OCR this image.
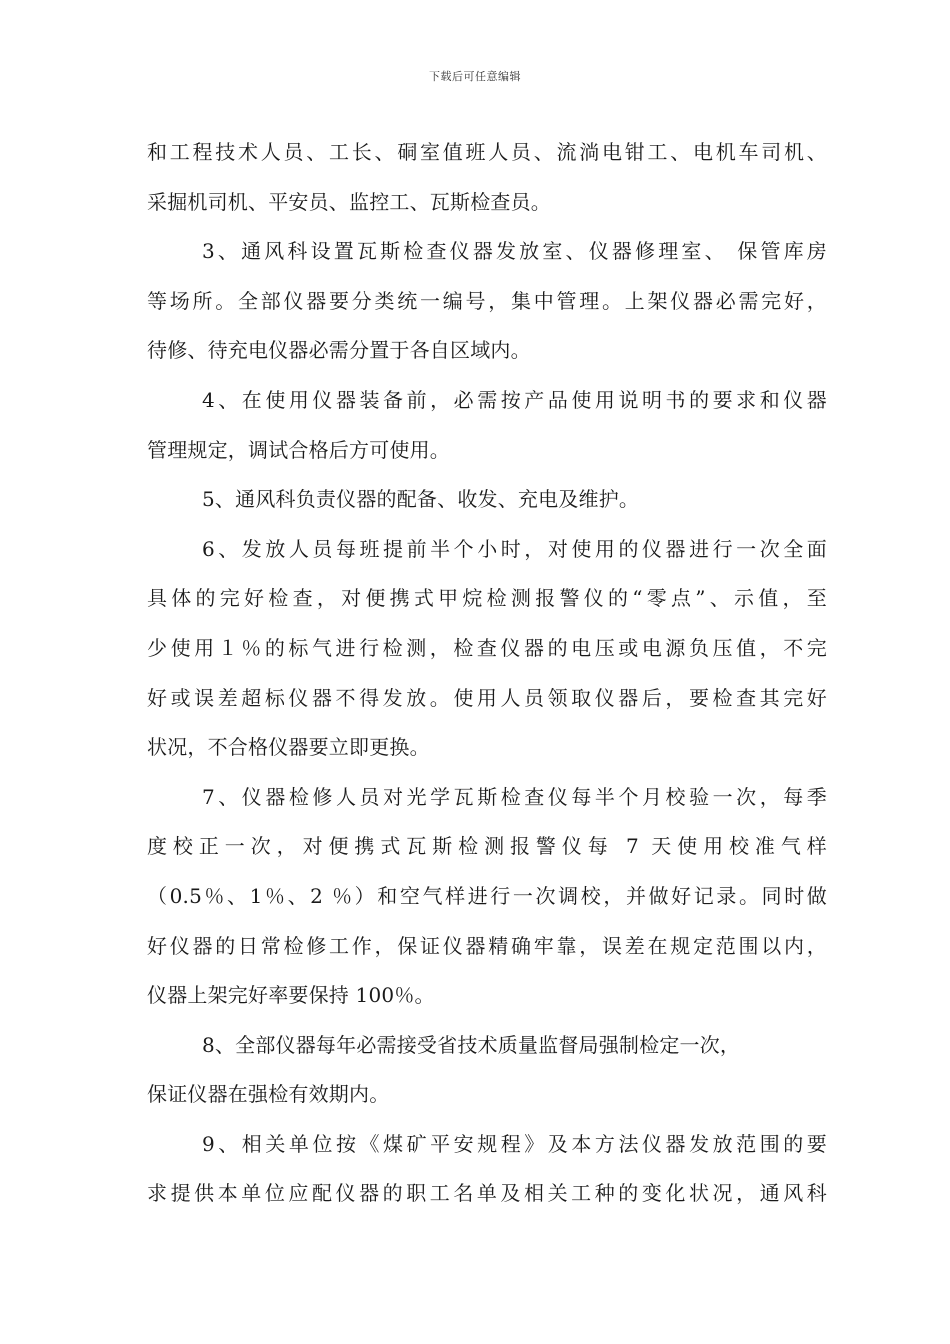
下载后可任意编辑
和工程技术人员、工长、硐室值班人员、流淌电钳工、电机车司机、
采掘机司机、平安员、监控工、瓦斯检查员。
3、通风科设置瓦斯检查仪器发放室、仪器修理室、 保管库房
等场所。全部仪器要分类统一编号，集中管理。上架仪器必需完好，
待修、待充电仪器必需分置于各自区域内。
4、在使用仪器装备前，必需按产品使用说明书的要求和仪器
管理规定，调试合格后方可使用。
5、通风科负责仪器的配备、收发、充电及维护。
6、发放人员每班提前半个小时，对使用的仪器进行一次全面
具体的完好检查，对便携式甲烷检测报警仪的“零点”、示值，至
少使用１％的标气进行检测，检查仪器的电压或电源负压值，不完
好或误差超标仪器不得发放。使用人员领取仪器后，要检查其完好
状况，不合格仪器要立即更换。
7、仪器检修人员对光学瓦斯检查仪每半个月校验一次，每季
度校正一次，对便携式瓦斯检测报警仪每 7 天使用校准气样
（0.5％、1％、2 ％）和空气样进行一次调校，并做好记录。同时做
好仪器的日常检修工作，保证仪器精确牢靠，误差在规定范围以内，
仪器上架完好率要保持 100％。
8、全部仪器每年必需接受省技术质量监督局强制检定一次，
保证仪器在强检有效期内。
9、相关单位按《煤矿平安规程》及本方法仪器发放范围的要
求提供本单位应配仪器的职工名单及相关工种的变化状况，通风科
